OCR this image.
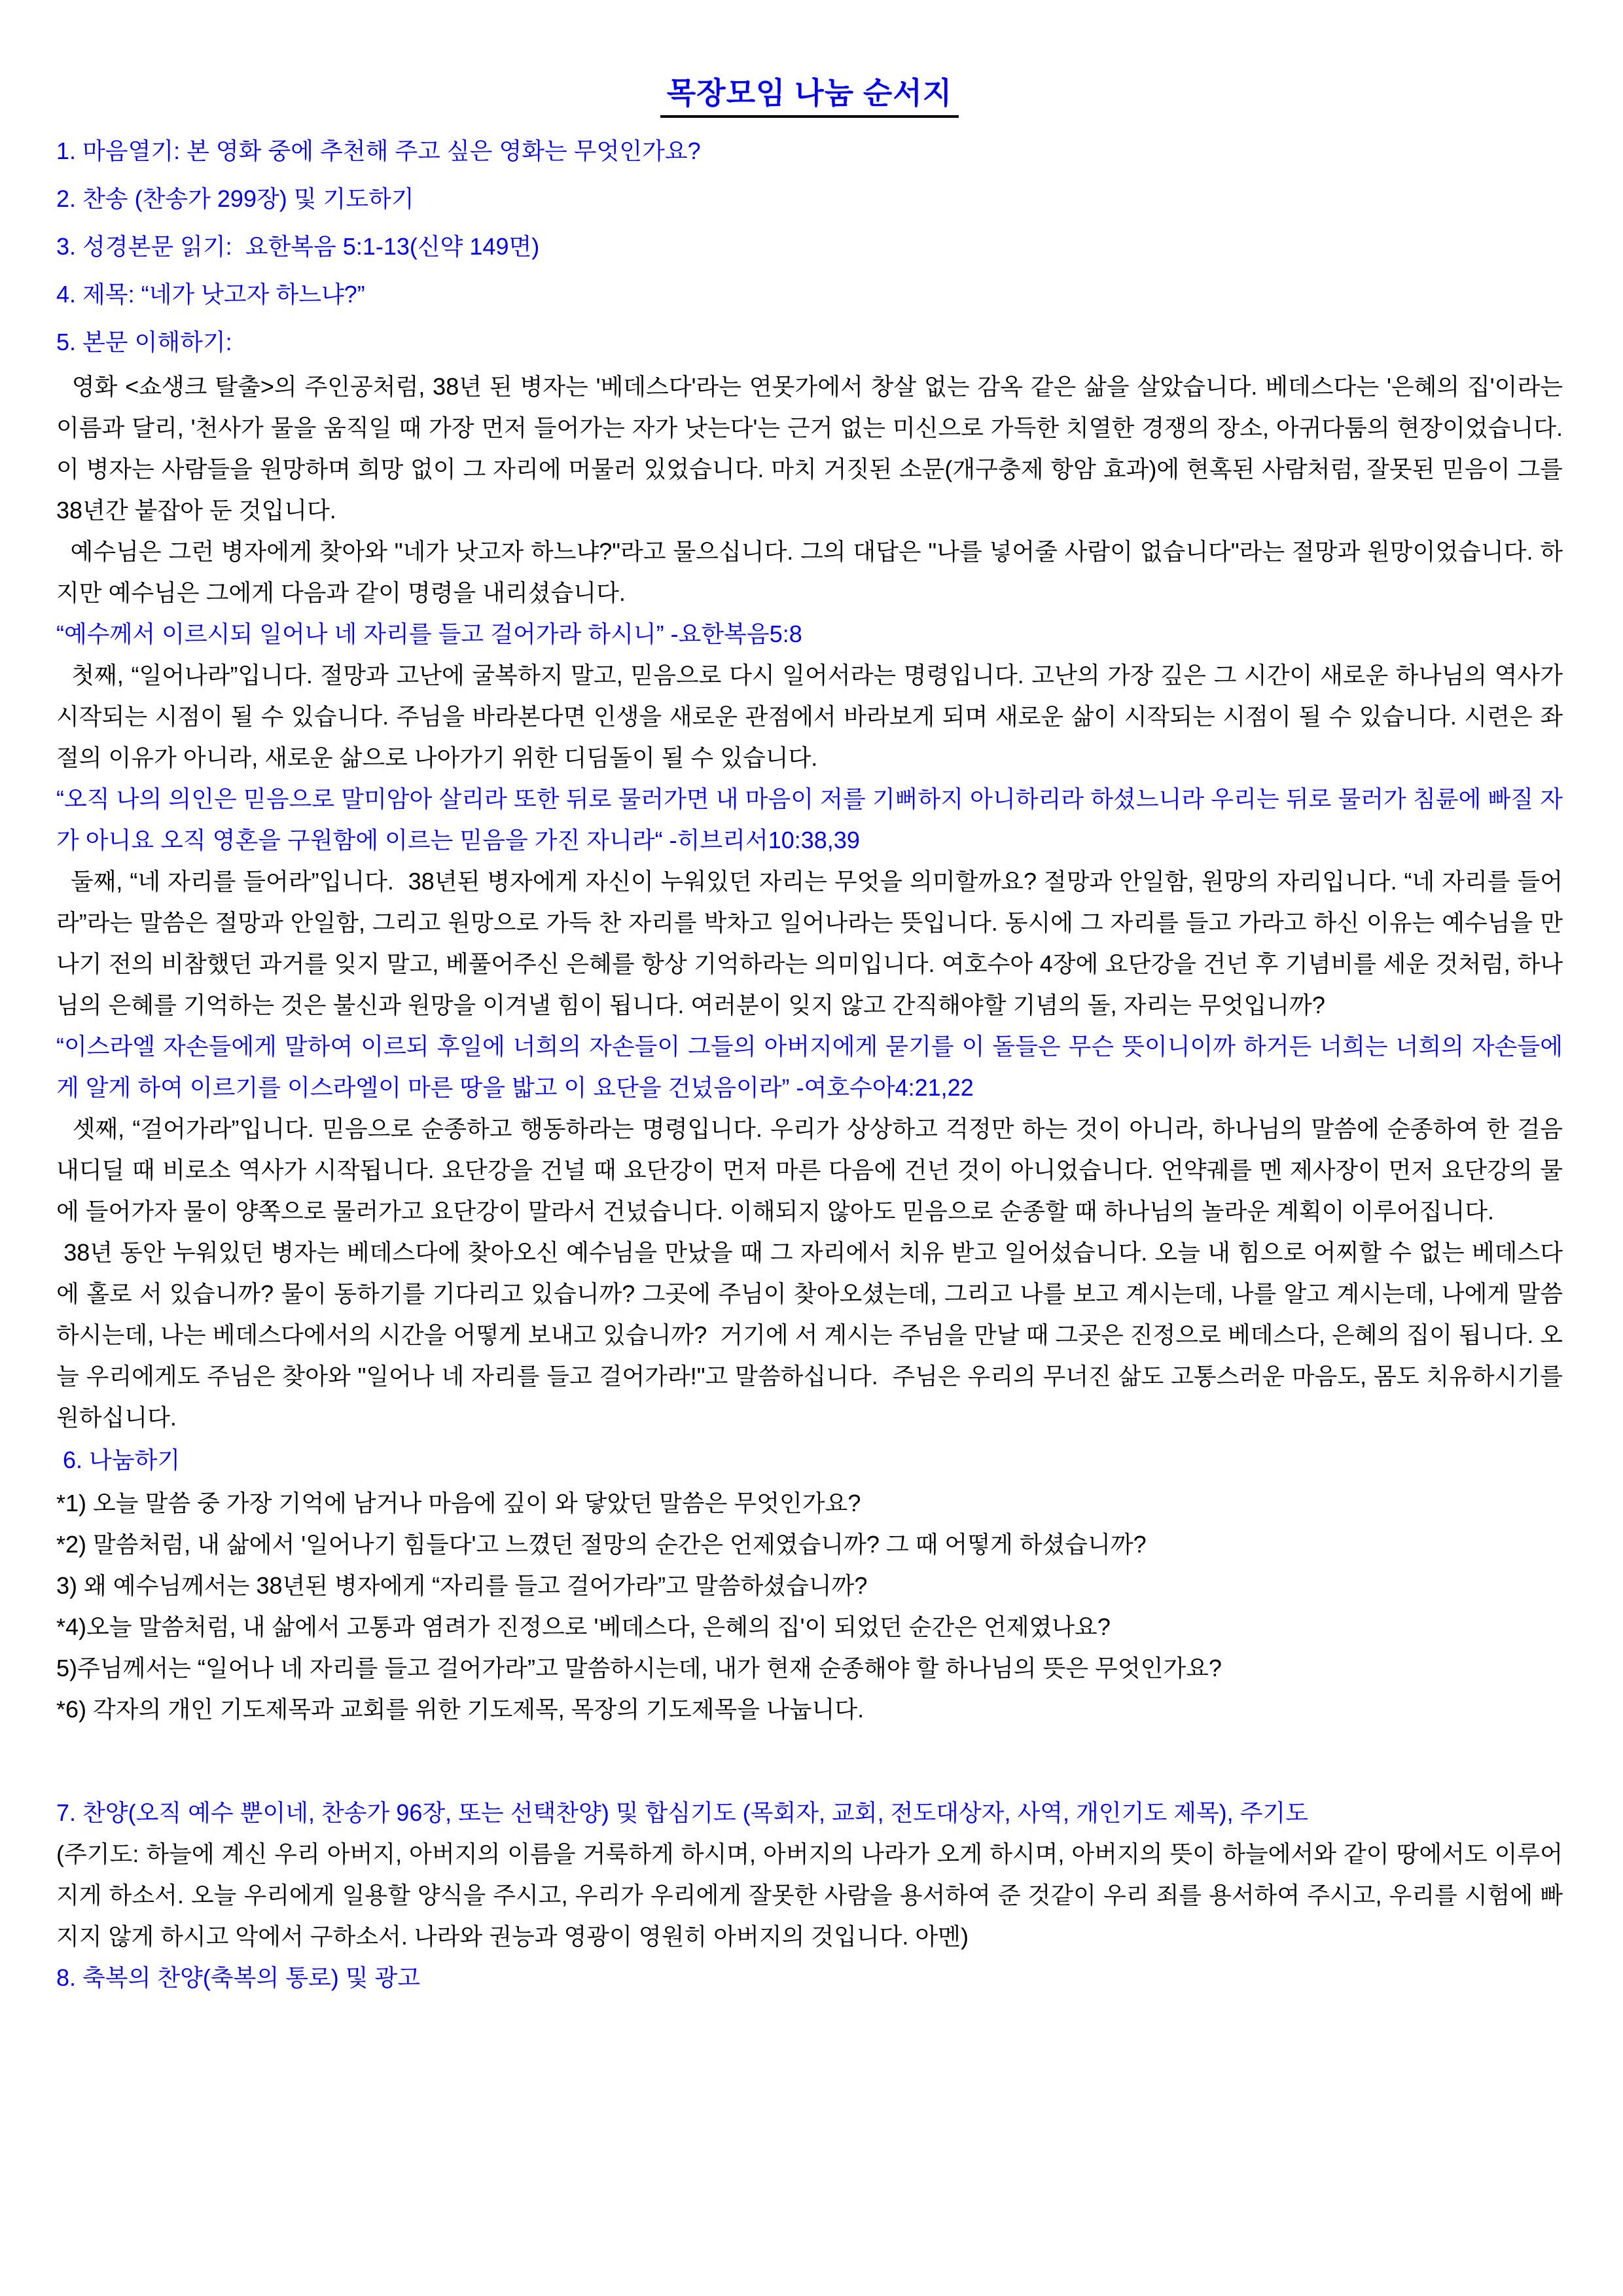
목장모임 나눔 순서지

1. 마음열기: 본 영화 중에 추천해 주고 싶은 영화는 무엇인가요?

2. 찬송 (찬송가 299장) 및 기도하기

3. 성경본문 읽기:  요한복음 5:1-13(신약 149면)

4. 제목: “네가 낫고자 하느냐?”

5. 본문 이해하기:

영화 <쇼생크 탈출>의 주인공처럼, 38년 된 병자는 '베데스다'라는 연못가에서 창살 없는 감옥 같은 삶을 살았습니다. 베데스다는 '은혜의 집'이라는 이름과 달리, '천사가 물을 움직일 때 가장 먼저 들어가는 자가 낫는다'는 근거 없는 미신으로 가득한 치열한 경쟁의 장소, 아귀다툼의 현장이었습니다. 이 병자는 사람들을 원망하며 희망 없이 그 자리에 머물러 있었습니다. 마치 거짓된 소문(개구충제 항암 효과)에 현혹된 사람처럼, 잘못된 믿음이 그를 38년간 붙잡아 둔 것입니다.

예수님은 그런 병자에게 찾아와 "네가 낫고자 하느냐?"라고 물으십니다. 그의 대답은 "나를 넣어줄 사람이 없습니다"라는 절망과 원망이었습니다. 하지만 예수님은 그에게 다음과 같이 명령을 내리셨습니다.

“예수께서 이르시되 일어나 네 자리를 들고 걸어가라 하시니” -요한복음5:8

첫째, “일어나라”입니다. 절망과 고난에 굴복하지 말고, 믿음으로 다시 일어서라는 명령입니다. 고난의 가장 깊은 그 시간이 새로운 하나님의 역사가 시작되는 시점이 될 수 있습니다. 주님을 바라본다면 인생을 새로운 관점에서 바라보게 되며 새로운 삶이 시작되는 시점이 될 수 있습니다. 시련은 좌절의 이유가 아니라, 새로운 삶으로 나아가기 위한 디딤돌이 될 수 있습니다.

“오직 나의 의인은 믿음으로 말미암아 살리라 또한 뒤로 물러가면 내 마음이 저를 기뻐하지 아니하리라 하셨느니라 우리는 뒤로 물러가 침륜에 빠질 자가 아니요 오직 영혼을 구원함에 이르는 믿음을 가진 자니라“ -히브리서10:38,39

둘째, “네 자리를 들어라”입니다.  38년된 병자에게 자신이 누워있던 자리는 무엇을 의미할까요? 절망과 안일함, 원망의 자리입니다. “네 자리를 들어라”라는 말씀은 절망과 안일함, 그리고 원망으로 가득 찬 자리를 박차고 일어나라는 뜻입니다. 동시에 그 자리를 들고 가라고 하신 이유는 예수님을 만나기 전의 비참했던 과거를 잊지 말고, 베풀어주신 은혜를 항상 기억하라는 의미입니다. 여호수아 4장에 요단강을 건넌 후 기념비를 세운 것처럼, 하나님의 은혜를 기억하는 것은 불신과 원망을 이겨낼 힘이 됩니다. 여러분이 잊지 않고 간직해야할 기념의 돌, 자리는 무엇입니까?

“이스라엘 자손들에게 말하여 이르되 후일에 너희의 자손들이 그들의 아버지에게 묻기를 이 돌들은 무슨 뜻이니이까 하거든 너희는 너희의 자손들에게 알게 하여 이르기를 이스라엘이 마른 땅을 밟고 이 요단을 건넜음이라” -여호수아4:21,22

셋째, “걸어가라”입니다. 믿음으로 순종하고 행동하라는 명령입니다. 우리가 상상하고 걱정만 하는 것이 아니라, 하나님의 말씀에 순종하여 한 걸음 내디딜 때 비로소 역사가 시작됩니다. 요단강을 건널 때 요단강이 먼저 마른 다음에 건넌 것이 아니었습니다. 언약궤를 멘 제사장이 먼저 요단강의 물에 들어가자 물이 양쪽으로 물러가고 요단강이 말라서 건넜습니다. 이해되지 않아도 믿음으로 순종할 때 하나님의 놀라운 계획이 이루어집니다.

38년 동안 누워있던 병자는 베데스다에 찾아오신 예수님을 만났을 때 그 자리에서 치유 받고 일어섰습니다. 오늘 내 힘으로 어찌할 수 없는 베데스다에 홀로 서 있습니까? 물이 동하기를 기다리고 있습니까? 그곳에 주님이 찾아오셨는데, 그리고 나를 보고 계시는데, 나를 알고 계시는데, 나에게 말씀하시는데, 나는 베데스다에서의 시간을 어떻게 보내고 있습니까?  거기에 서 계시는 주님을 만날 때 그곳은 진정으로 베데스다, 은혜의 집이 됩니다. 오늘 우리에게도 주님은 찾아와 "일어나 네 자리를 들고 걸어가라!"고 말씀하십니다.  주님은 우리의 무너진 삶도 고통스러운 마음도, 몸도 치유하시기를 원하십니다.

6. 나눔하기

*1) 오늘 말씀 중 가장 기억에 남거나 마음에 깊이 와 닿았던 말씀은 무엇인가요?

*2) 말씀처럼, 내 삶에서 '일어나기 힘들다'고 느꼈던 절망의 순간은 언제였습니까? 그 때 어떻게 하셨습니까?

3) 왜 예수님께서는 38년된 병자에게 “자리를 들고 걸어가라”고 말씀하셨습니까?

*4)오늘 말씀처럼, 내 삶에서 고통과 염려가 진정으로 '베데스다, 은혜의 집'이 되었던 순간은 언제였나요?

5)주님께서는 “일어나 네 자리를 들고 걸어가라”고 말씀하시는데, 내가 현재 순종해야 할 하나님의 뜻은 무엇인가요?

*6) 각자의 개인 기도제목과 교회를 위한 기도제목, 목장의 기도제목을 나눕니다.

7. 찬양(오직 예수 뿐이네, 찬송가 96장, 또는 선택찬양) 및 합심기도 (목회자, 교회, 전도대상자, 사역, 개인기도 제목), 주기도

(주기도: 하늘에 계신 우리 아버지, 아버지의 이름을 거룩하게 하시며, 아버지의 나라가 오게 하시며, 아버지의 뜻이 하늘에서와 같이 땅에서도 이루어지게 하소서. 오늘 우리에게 일용할 양식을 주시고, 우리가 우리에게 잘못한 사람을 용서하여 준 것같이 우리 죄를 용서하여 주시고, 우리를 시험에 빠지지 않게 하시고 악에서 구하소서. 나라와 권능과 영광이 영원히 아버지의 것입니다. 아멘)

8. 축복의 찬양(축복의 통로) 및 광고
